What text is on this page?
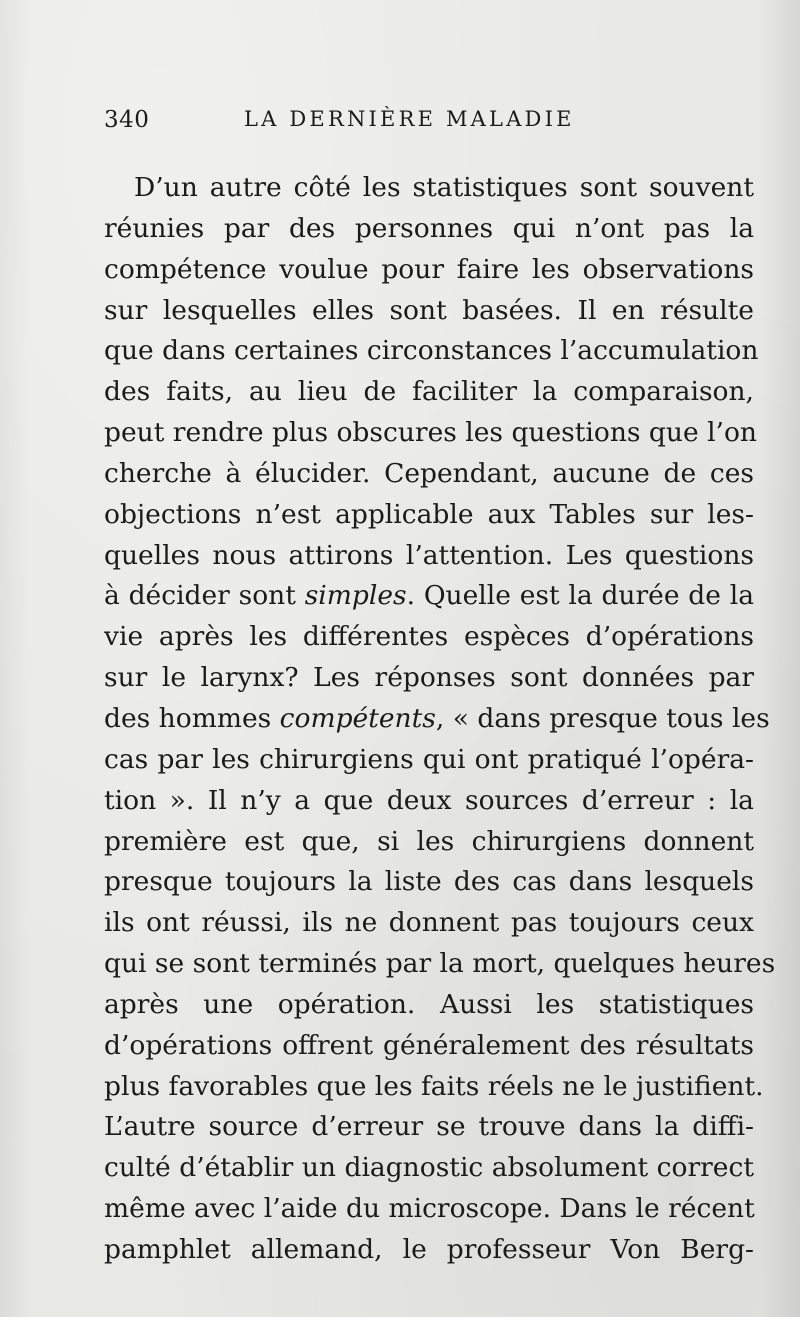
340	LA DERNIÈRE MALADIE
D’un autre côté les statistiques sont souvent
réunies par des personnes qui n’ont pas la
compétence voulue pour faire les observations
sur lesquelles elles sont basées. Il en résulte
que dans certaines circonstances l’accumulation
des faits, au lieu de faciliter la comparaison,
peut rendre plus obscures les questions que l’on
cherche à élucider. Cependant, aucune de ces
objections n’est applicable aux Tables sur les-
quelles nous attirons l’attention. Les questions
à décider sont simples. Quelle est la durée de la
vie après les différentes espèces d’opérations
sur le larynx? Les réponses sont données par
des hommes compétents, « dans presque tous les
cas par les chirurgiens qui ont pratiqué l’opéra-
tion ». Il n’y a que deux sources d’erreur : la
première est que, si les chirurgiens donnent
presque toujours la liste des cas dans lesquels
ils ont réussi, ils ne donnent pas toujours ceux
qui se sont terminés par la mort, quelques heures
après une opération. Aussi les statistiques
d’opérations offrent généralement des résultats
plus favorables que les faits réels ne le justifient.
L’autre source d’erreur se trouve dans la diffi-
culté d’établir un diagnostic absolument correct
même avec l’aide du microscope. Dans le récent
pamphlet allemand, le professeur Von Berg-
